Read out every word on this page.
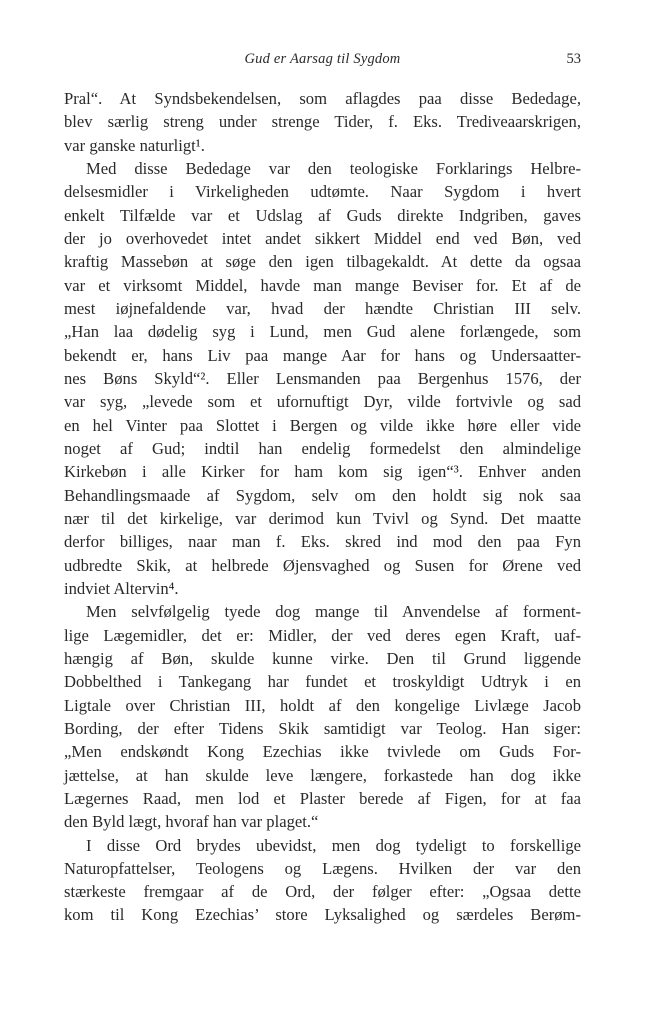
Gud er Aarsag til Sygdom	53
Pral“. At Syndsbekendelsen, som aflagdes paa disse Bededage,
blev særlig streng under strenge Tider, f. Eks. Trediveaarskrigen,
var ganske naturligt¹.
Med disse Bededage var den teologiske Forklarings Helbre-
delsesmidler i Virkeligheden udtømte. Naar Sygdom i hvert
enkelt Tilfælde var et Udslag af Guds direkte Indgriben, gaves
der jo overhovedet intet andet sikkert Middel end ved Bøn, ved
kraftig Massebøn at søge den igen tilbagekaldt. At dette da ogsaa
var et virksomt Middel, havde man mange Beviser for. Et af de
mest iøjnefaldende var, hvad der hændte Christian III selv.
„Han laa dødelig syg i Lund, men Gud alene forlængede, som
bekendt er, hans Liv paa mange Aar for hans og Undersaatter-
nes Bøns Skyld“². Eller Lensmanden paa Bergenhus 1576, der
var syg, „levede som et ufornuftigt Dyr, vilde fortvivle og sad
en hel Vinter paa Slottet i Bergen og vilde ikke høre eller vide
noget af Gud; indtil han endelig formedelst den almindelige
Kirkebøn i alle Kirker for ham kom sig igen“³. Enhver anden
Behandlingsmaade af Sygdom, selv om den holdt sig nok saa
nær til det kirkelige, var derimod kun Tvivl og Synd. Det maatte
derfor billiges, naar man f. Eks. skred ind mod den paa Fyn
udbredte Skik, at helbrede Øjensvaghed og Susen for Ørene ved
indviet Altervin⁴.
Men selvfølgelig tyede dog mange til Anvendelse af forment-
lige Lægemidler, det er: Midler, der ved deres egen Kraft, uaf-
hængig af Bøn, skulde kunne virke. Den til Grund liggende
Dobbelthed i Tankegang har fundet et troskyldigt Udtryk i en
Ligtale over Christian III, holdt af den kongelige Livlæge Jacob
Bording, der efter Tidens Skik samtidigt var Teolog. Han siger:
„Men endskøndt Kong Ezechias ikke tvivlede om Guds For-
jættelse, at han skulde leve længere, forkastede han dog ikke
Lægernes Raad, men lod et Plaster berede af Figen, for at faa
den Byld lægt, hvoraf han var plaget.“
I disse Ord brydes ubevidst, men dog tydeligt to forskellige
Naturopfattelser, Teologens og Lægens. Hvilken der var den
stærkeste fremgaar af de Ord, der følger efter: „Ogsaa dette
kom til Kong Ezechias’ store Lyksalighed og særdeles Berøm-
